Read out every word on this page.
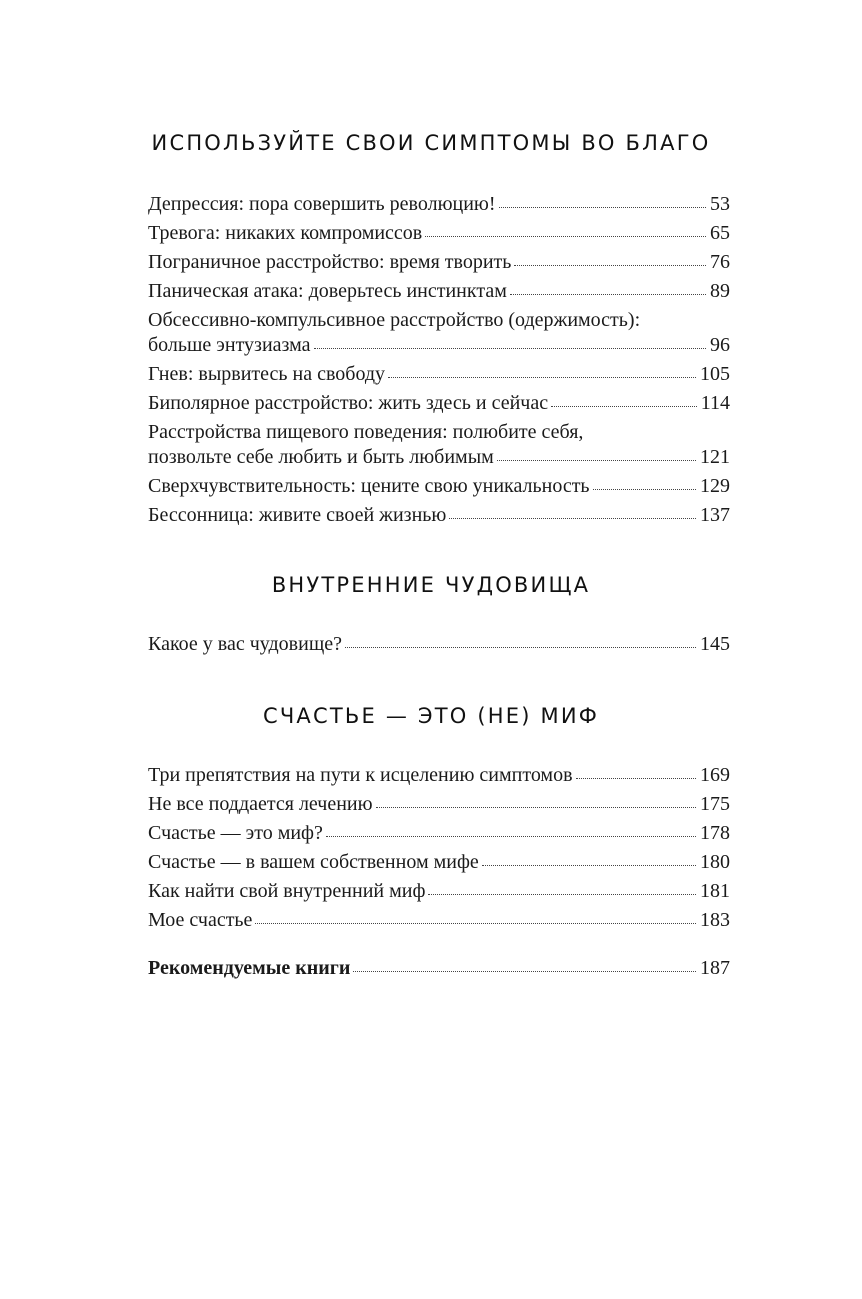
ИСПОЛЬЗУЙТЕ СВОИ СИМПТОМЫ ВО БЛАГО
Депрессия: пора совершить революцию!	53
Тревога: никаких компромиссов	65
Пограничное расстройство: время творить	76
Паническая атака: доверьтесь инстинктам	89
Обсессивно-компульсивное расстройство (одержимость):
больше энтузиазма	96
Гнев: вырвитесь на свободу	105
Биполярное расстройство: жить здесь и сейчас	114
Расстройства пищевого поведения: полюбите себя,
позвольте себе любить и быть любимым	121
Сверхчувствительность: цените свою уникальность	129
Бессонница: живите своей жизнью	137
ВНУТРЕННИЕ ЧУДОВИЩА
Какое у вас чудовище?	145
СЧАСТЬЕ — ЭТО (НЕ) МИФ
Три препятствия на пути к исцелению симптомов	169
Не все поддается лечению	175
Счастье — это миф?	178
Счастье — в вашем собственном мифе	180
Как найти свой внутренний миф	181
Мое счастье	183
Рекомендуемые книги	187
